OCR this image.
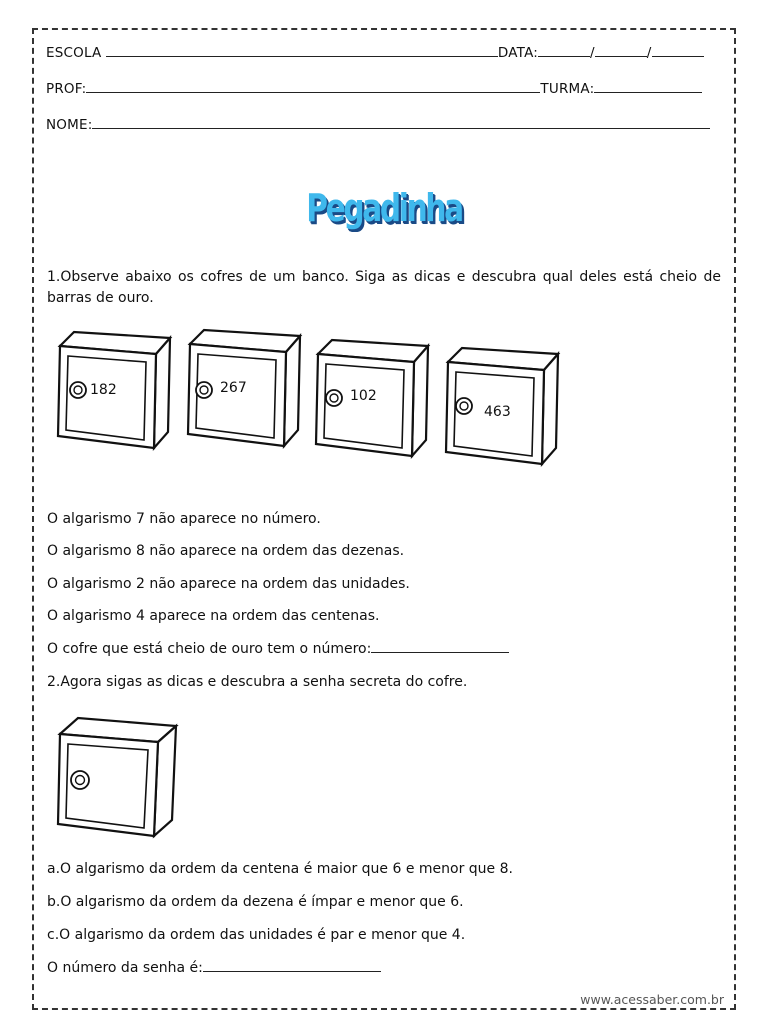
ESCOLA	DATA:	/	/
PROF:	TURMA:
NOME:
Pegadinha
1.Observe abaixo os cofres de um banco. Siga as dicas e descubra qual deles está cheio de barras de ouro.
182	267	102
463
O algarismo 7 não aparece no número.
O algarismo 8 não aparece na ordem das dezenas.
O algarismo 2 não aparece na ordem das unidades.
O algarismo 4 aparece na ordem das centenas.
O cofre que está cheio de ouro tem o número:
2.Agora sigas as dicas e descubra a senha secreta do cofre.
a.O algarismo da ordem da centena é maior que 6 e menor que 8.
b.O algarismo da ordem da dezena é ímpar e menor que 6.
c.O algarismo da ordem das unidades é par e menor que 4.
O número da senha é:
www.acessaber.com.br
